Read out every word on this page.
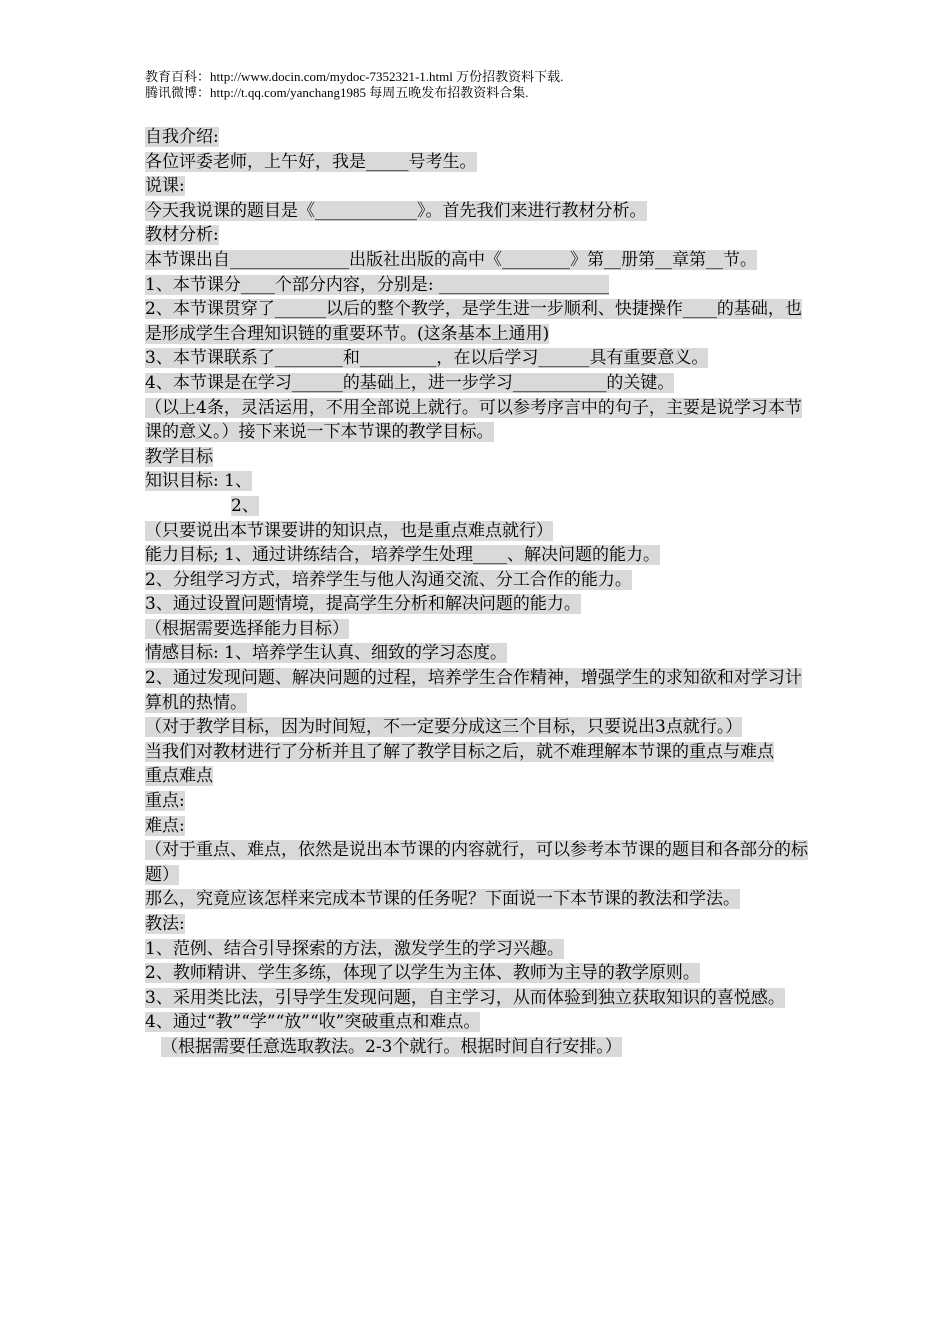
教育百科：http://www.docin.com/mydoc-7352321-1.html 万份招教资料下载.
腾讯微博：http://t.qq.com/yanchang1985 每周五晚发布招教资料合集.

自我介绍:

各位评委老师，上午好，我是_____号考生。

说课:

今天我说课的题目是《____________》。首先我们来进行教材分析。

教材分析:

本节课出自______________出版社出版的高中《________》第__册第__章第__节。

1、本节课分____个部分内容，分别是: ____________________

2、本节课贯穿了______以后的整个教学，是学生进一步顺利、快捷操作____的基础，也是形成学生合理知识链的重要环节。(这条基本上通用)

3、本节课联系了________和_________，在以后学习______具有重要意义。

4、本节课是在学习______的基础上，进一步学习___________的关键。

（以上4条，灵活运用，不用全部说上就行。可以参考序言中的句子，主要是说学习本节课的意义。）接下来说一下本节课的教学目标。

教学目标

知识目标: 1、

2、

（只要说出本节课要讲的知识点，也是重点难点就行）

能力目标; 1、通过讲练结合，培养学生处理____、解决问题的能力。

2、分组学习方式，培养学生与他人沟通交流、分工合作的能力。

3、通过设置问题情境，提高学生分析和解决问题的能力。

（根据需要选择能力目标）

情感目标: 1、培养学生认真、细致的学习态度。

2、通过发现问题、解决问题的过程，培养学生合作精神，增强学生的求知欲和对学习计算机的热情。

（对于教学目标，因为时间短，不一定要分成这三个目标，只要说出3点就行。）

当我们对教材进行了分析并且了解了教学目标之后，就不难理解本节课的重点与难点

重点难点

重点:

难点:

（对于重点、难点，依然是说出本节课的内容就行，可以参考本节课的题目和各部分的标题）

那么，究竟应该怎样来完成本节课的任务呢？下面说一下本节课的教法和学法。

教法:

1、范例、结合引导探索的方法，激发学生的学习兴趣。

2、教师精讲、学生多练，体现了以学生为主体、教师为主导的教学原则。

3、采用类比法，引导学生发现问题，自主学习，从而体验到独立获取知识的喜悦感。

4、通过“教”“学”“放”“收”突破重点和难点。

（根据需要任意选取教法。2-3个就行。根据时间自行安排。）
